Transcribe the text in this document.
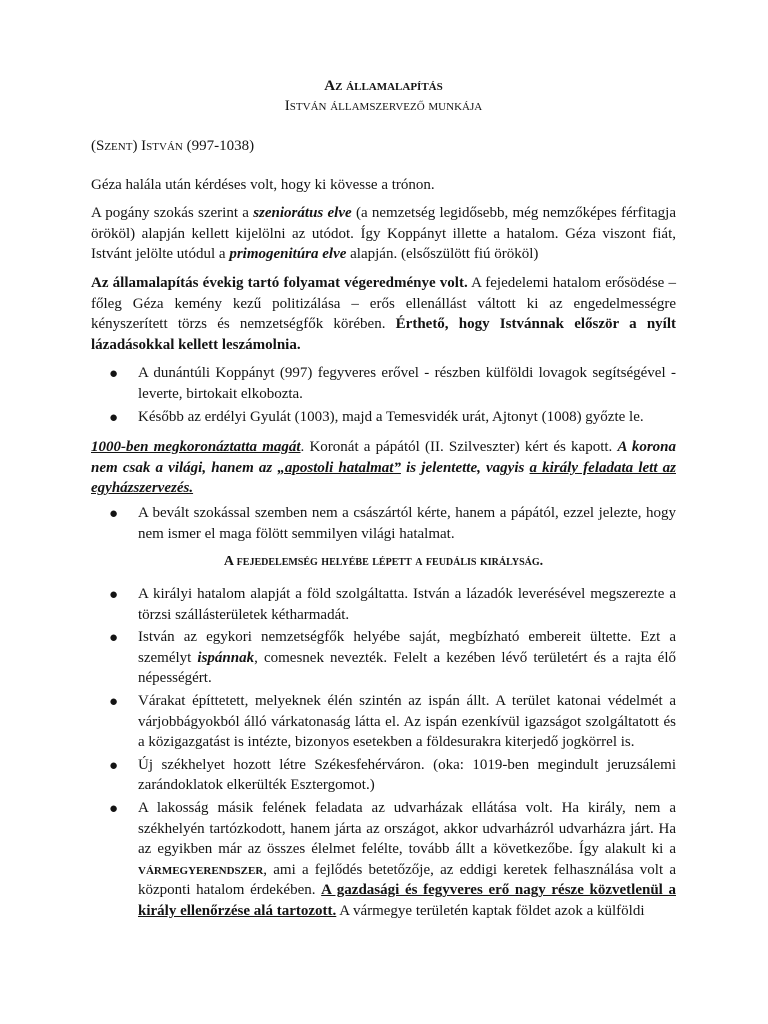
Az államalapítás

István államszervező munkája

(Szent) István (997-1038)

Géza halála után kérdéses volt, hogy ki kövesse a trónon.

A pogány szokás szerint a szeniorátus elve (a nemzetség legidősebb, még nemzőképes férfitagja örököl) alapján kellett kijelölni az utódot. Így Koppányt illette a hatalom. Géza viszont fiát, Istvánt jelölte utódul a primogenitúra elve alapján. (elsőszülött fiú örököl)

Az államalapítás évekig tartó folyamat végeredménye volt. A fejedelemi hatalom erősödése – főleg Géza kemény kezű politizálása – erős ellenállást váltott ki az engedelmességre kényszerített törzs és nemzetségfők körében. Érthető, hogy Istvánnak először a nyílt lázadásokkal kellett leszámolnia.

● A dunántúli Koppányt (997) fegyveres erővel - részben külföldi lovagok segítségével - leverte, birtokait elkobozta.
● Később az erdélyi Gyulát (1003), majd a Temesvidék urát, Ajtonyt (1008) győzte le.

1000-ben megkoronáztatta magát. Koronát a pápától (II. Szilveszter) kért és kapott. A korona nem csak a világi, hanem az „apostoli hatalmat” is jelentette, vagyis a király feladata lett az egyházszervezés.

● A bevált szokással szemben nem a császártól kérte, hanem a pápától, ezzel jelezte, hogy nem ismer el maga fölött semmilyen világi hatalmat.

A fejedelemség helyébe lépett a feudális királyság.

● A királyi hatalom alapját a föld szolgáltatta. István a lázadók leverésével megszerezte a törzsi szállásterületek kétharmadát.
● István az egykori nemzetségfők helyébe saját, megbízható embereit ültette. Ezt a személyt ispánnak, comesnek nevezték. Felelt a kezében lévő területért és a rajta élő népességért.
● Várakat építtetett, melyeknek élén szintén az ispán állt. A terület katonai védelmét a várjobbágyokból álló várkatonaság látta el. Az ispán ezenkívül igazságot szolgáltatott és a közigazgatást is intézte, bizonyos esetekben a földesurakra kiterjedő jogkörrel is.
● Új székhelyet hozott létre Székesfehérváron. (oka: 1019-ben megindult jeruzsálemi zarándoklatok elkerülték Esztergomot.)
● A lakosság másik felének feladata az udvarházak ellátása volt. Ha király, nem a székhelyén tartózkodott, hanem járta az országot, akkor udvarházról udvarházra járt. Ha az egyikben már az összes élelmet felélte, tovább állt a következőbe. Így alakult ki a vármegyerendszer, ami a fejlődés betetőzője, az eddigi keretek felhasználása volt a központi hatalom érdekében. A gazdasági és fegyveres erő nagy része közvetlenül a király ellenőrzése alá tartozott. A vármegye területén kaptak földet azok a külföldi
